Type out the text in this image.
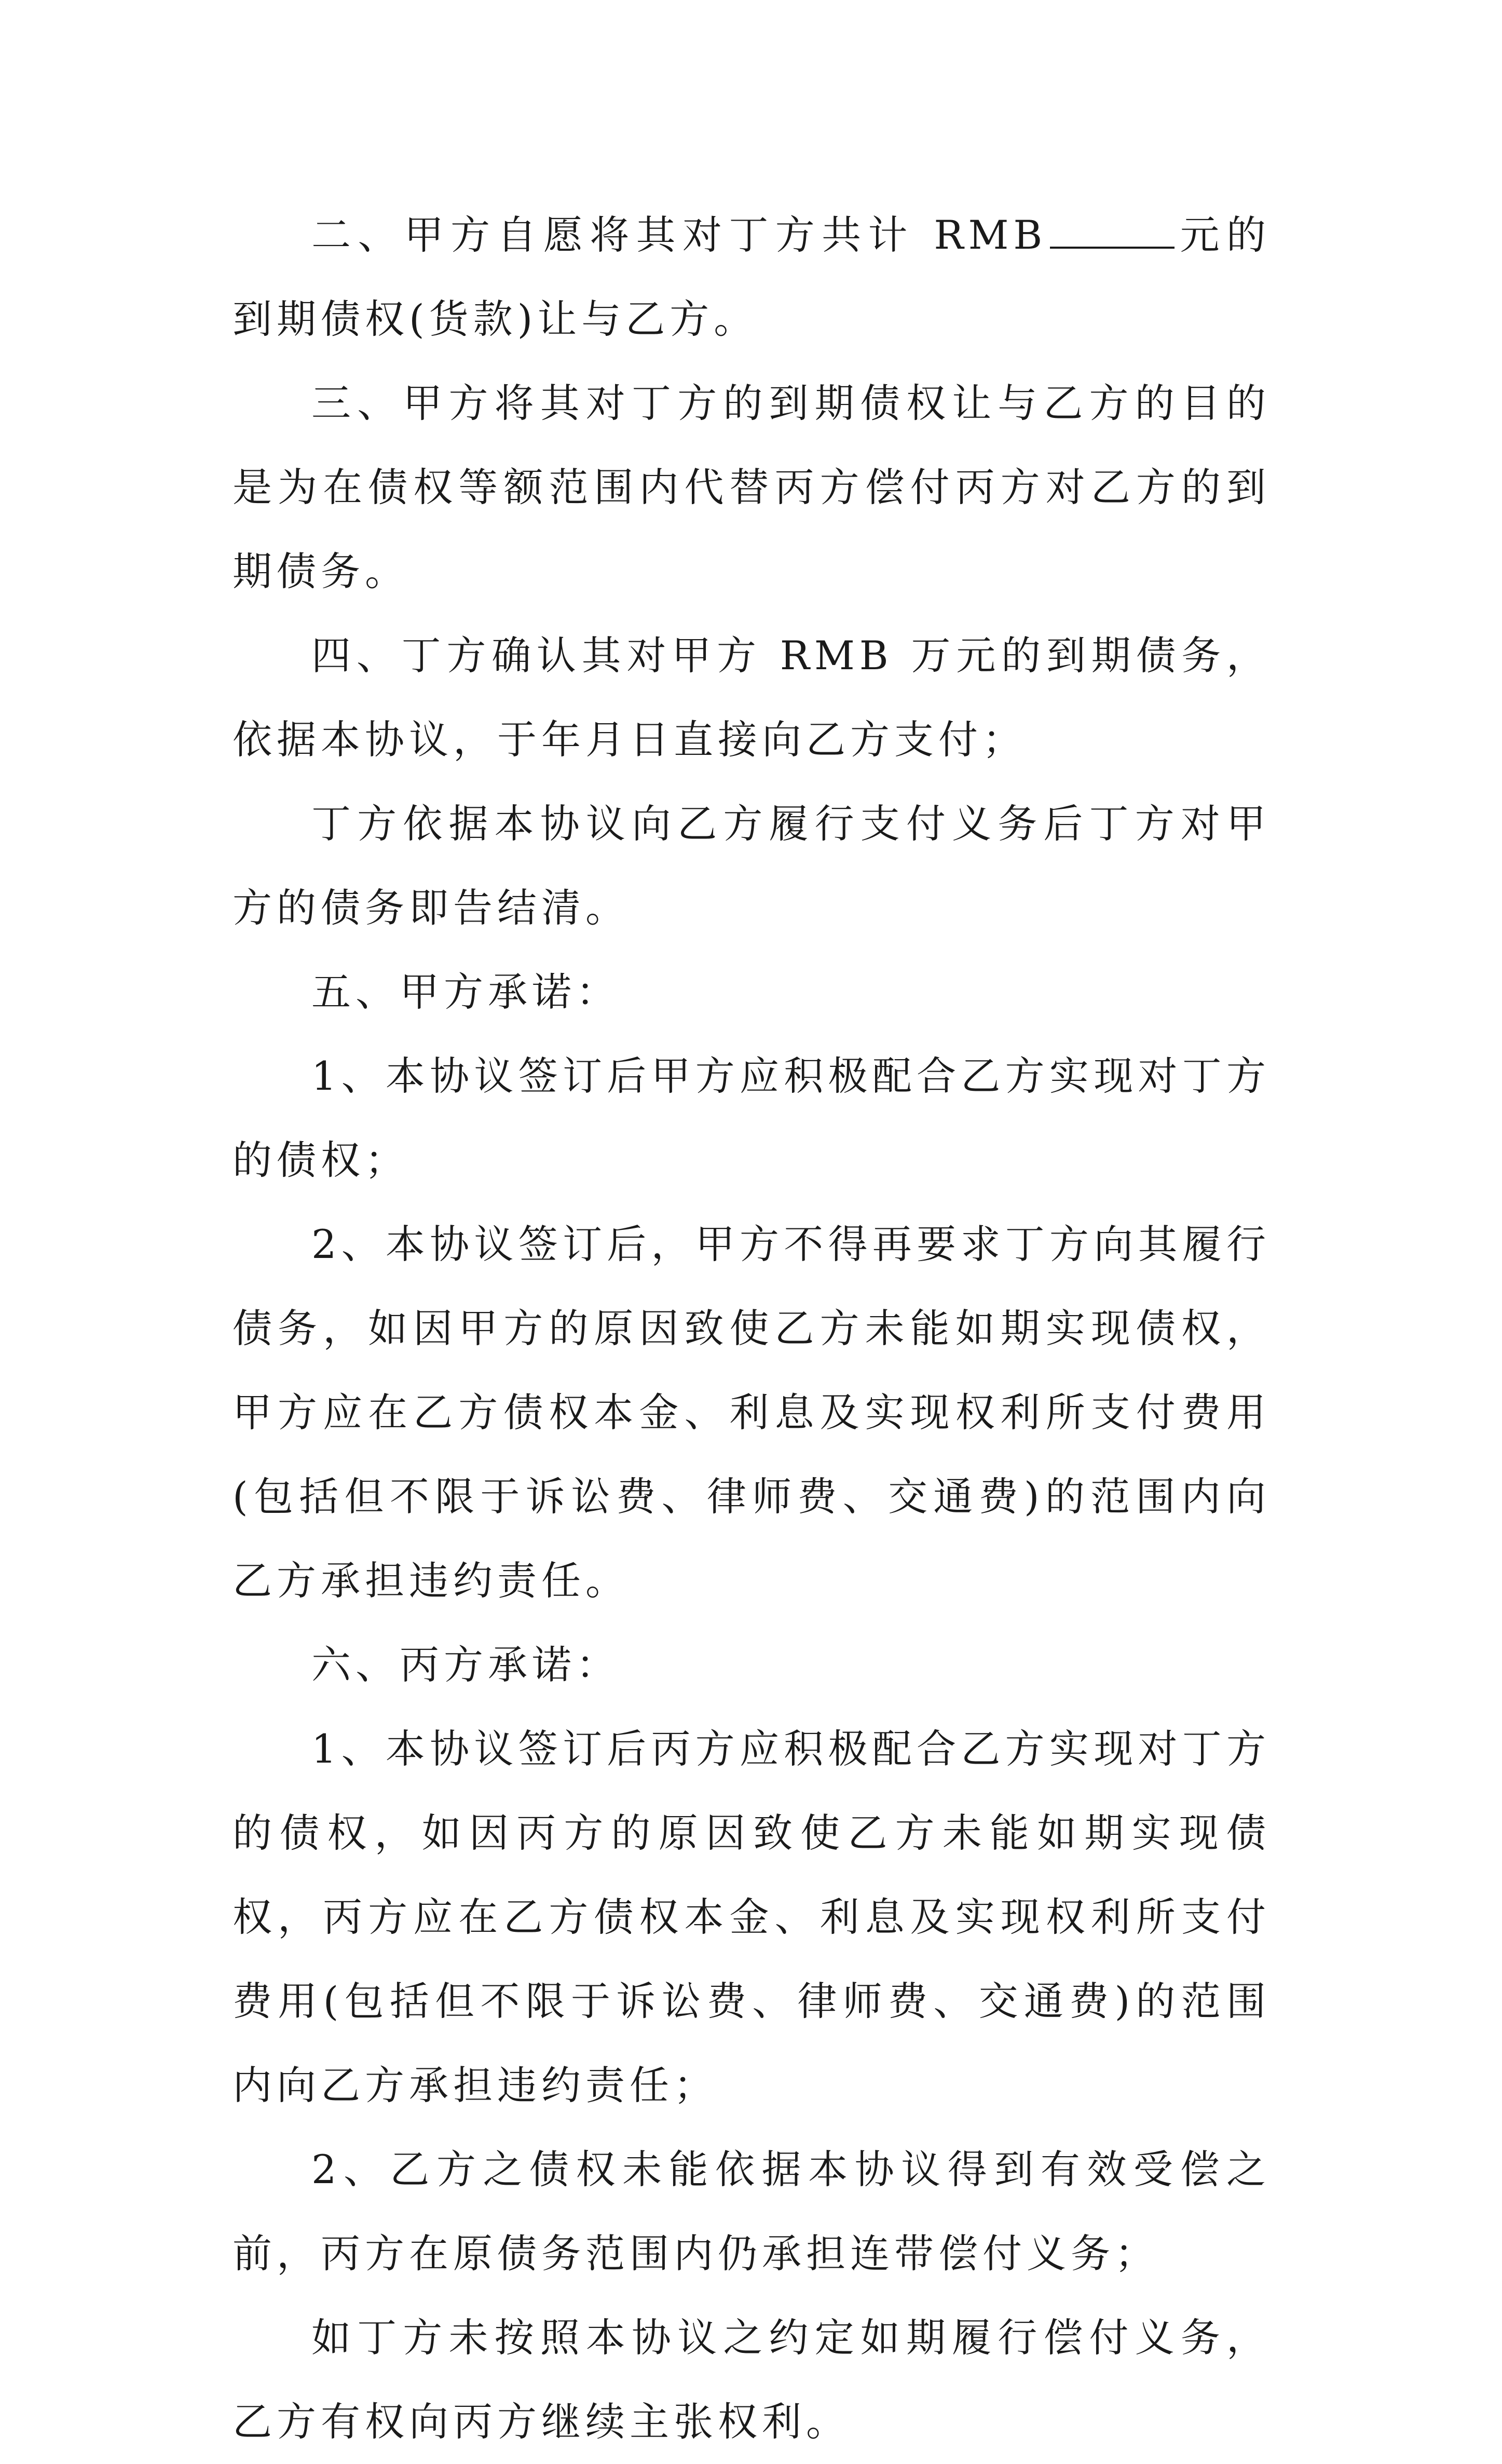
二、甲方自愿将其对丁方共计 RMB	元的到期债权(货款)让与乙方。

三、甲方将其对丁方的到期债权让与乙方的目的是为在债权等额范围内代替丙方偿付丙方对乙方的到期债务。

四、丁方确认其对甲方 RMB 万元的到期债务，依据本协议，于年月日直接向乙方支付；

丁方依据本协议向乙方履行支付义务后丁方对甲方的债务即告结清。

五、甲方承诺：

1、本协议签订后甲方应积极配合乙方实现对丁方的债权；

2、本协议签订后，甲方不得再要求丁方向其履行债务，如因甲方的原因致使乙方未能如期实现债权，甲方应在乙方债权本金、利息及实现权利所支付费用(包括但不限于诉讼费、律师费、交通费)的范围内向乙方承担违约责任。

六、丙方承诺：

1、本协议签订后丙方应积极配合乙方实现对丁方的债权，如因丙方的原因致使乙方未能如期实现债权，丙方应在乙方债权本金、利息及实现权利所支付费用(包括但不限于诉讼费、律师费、交通费)的范围内向乙方承担违约责任；

2、乙方之债权未能依据本协议得到有效受偿之前，丙方在原债务范围内仍承担连带偿付义务；

如丁方未按照本协议之约定如期履行偿付义务，乙方有权向丙方继续主张权利。
